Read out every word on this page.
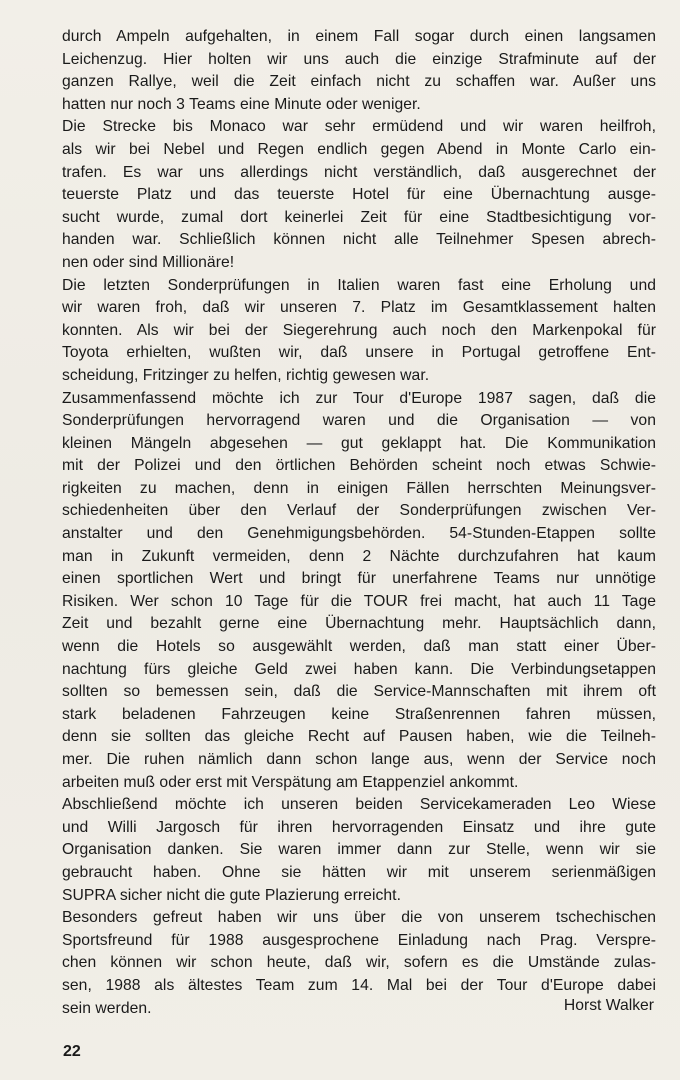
durch Ampeln aufgehalten, in einem Fall sogar durch einen langsamen
Leichenzug. Hier holten wir uns auch die einzige Strafminute auf der
ganzen Rallye, weil die Zeit einfach nicht zu schaffen war. Außer uns
hatten nur noch 3 Teams eine Minute oder weniger.
Die Strecke bis Monaco war sehr ermüdend und wir waren heilfroh,
als wir bei Nebel und Regen endlich gegen Abend in Monte Carlo ein-
trafen. Es war uns allerdings nicht verständlich, daß ausgerechnet der
teuerste Platz und das teuerste Hotel für eine Übernachtung ausge-
sucht wurde, zumal dort keinerlei Zeit für eine Stadtbesichtigung vor-
handen war. Schließlich können nicht alle Teilnehmer Spesen abrech-
nen oder sind Millionäre!
Die letzten Sonderprüfungen in Italien waren fast eine Erholung und
wir waren froh, daß wir unseren 7. Platz im Gesamtklassement halten
konnten. Als wir bei der Siegerehrung auch noch den Markenpokal für
Toyota erhielten, wußten wir, daß unsere in Portugal getroffene Ent-
scheidung, Fritzinger zu helfen, richtig gewesen war.
Zusammenfassend möchte ich zur Tour d'Europe 1987 sagen, daß die
Sonderprüfungen hervorragend waren und die Organisation — von
kleinen Mängeln abgesehen — gut geklappt hat. Die Kommunikation
mit der Polizei und den örtlichen Behörden scheint noch etwas Schwie-
rigkeiten zu machen, denn in einigen Fällen herrschten Meinungsver-
schiedenheiten über den Verlauf der Sonderprüfungen zwischen Ver-
anstalter und den Genehmigungsbehörden. 54-Stunden-Etappen sollte
man in Zukunft vermeiden, denn 2 Nächte durchzufahren hat kaum
einen sportlichen Wert und bringt für unerfahrene Teams nur unnötige
Risiken. Wer schon 10 Tage für die TOUR frei macht, hat auch 11 Tage
Zeit und bezahlt gerne eine Übernachtung mehr. Hauptsächlich dann,
wenn die Hotels so ausgewählt werden, daß man statt einer Über-
nachtung fürs gleiche Geld zwei haben kann. Die Verbindungsetappen
sollten so bemessen sein, daß die Service-Mannschaften mit ihrem oft
stark beladenen Fahrzeugen keine Straßenrennen fahren müssen,
denn sie sollten das gleiche Recht auf Pausen haben, wie die Teilneh-
mer. Die ruhen nämlich dann schon lange aus, wenn der Service noch
arbeiten muß oder erst mit Verspätung am Etappenziel ankommt.
Abschließend möchte ich unseren beiden Servicekameraden Leo Wiese
und Willi Jargosch für ihren hervorragenden Einsatz und ihre gute
Organisation danken. Sie waren immer dann zur Stelle, wenn wir sie
gebraucht haben. Ohne sie hätten wir mit unserem serienmäßigen
SUPRA sicher nicht die gute Plazierung erreicht.
Besonders gefreut haben wir uns über die von unserem tschechischen
Sportsfreund für 1988 ausgesprochene Einladung nach Prag. Verspre-
chen können wir schon heute, daß wir, sofern es die Umstände zulas-
sen, 1988 als ältestes Team zum 14. Mal bei der Tour d'Europe dabei
sein werden.	Horst Walker
22
